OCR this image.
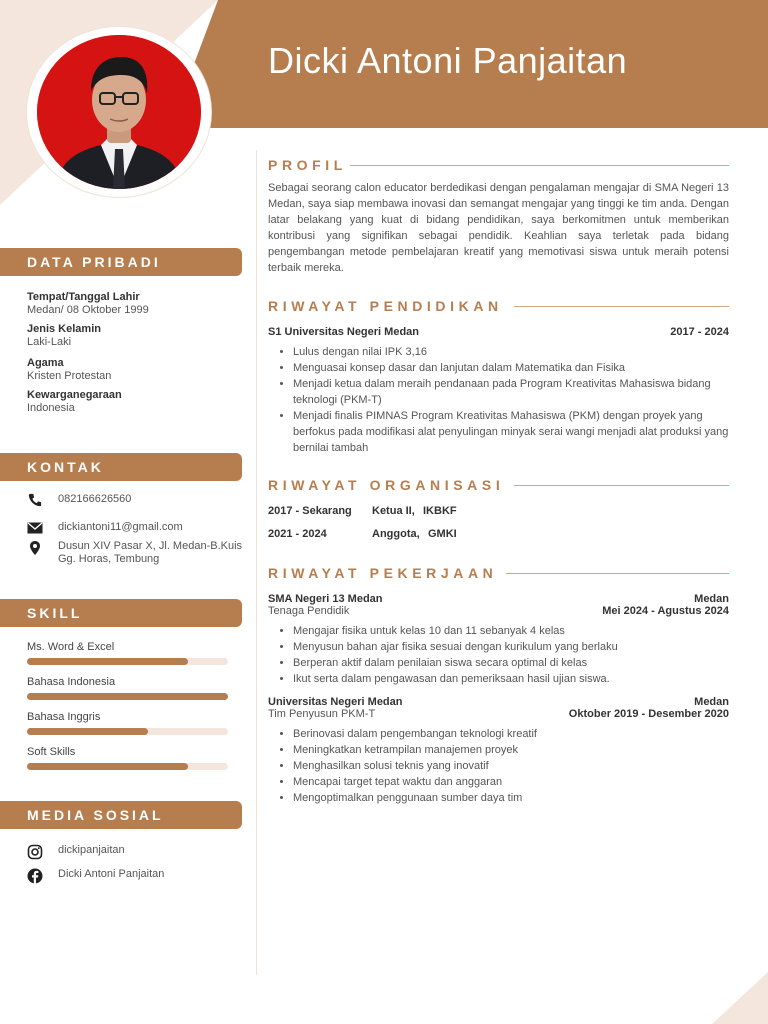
Dicki Antoni Panjaitan
DATA PRIBADI
Tempat/Tanggal Lahir
Medan/ 08 Oktober 1999
Jenis Kelamin
Laki-Laki
Agama
Kristen Protestan
Kewarganegaraan
Indonesia
KONTAK
082166626560
dickiantoni11@gmail.com
Dusun XIV Pasar X, Jl. Medan-B.Kuis Gg. Horas, Tembung
SKILL
Ms. Word & Excel
Bahasa Indonesia
Bahasa Inggris
Soft Skills
MEDIA SOSIAL
dickipanjaitan
Dicki Antoni Panjaitan
PROFIL
Sebagai seorang calon educator berdedikasi dengan pengalaman mengajar di SMA Negeri 13 Medan, saya siap membawa inovasi dan semangat mengajar yang tinggi ke tim anda. Dengan latar belakang yang kuat di bidang pendidikan, saya berkomitmen untuk memberikan kontribusi yang signifikan sebagai pendidik. Keahlian saya terletak pada bidang pengembangan metode pembelajaran kreatif yang memotivasi siswa untuk meraih potensi terbaik mereka.
RIWAYAT PENDIDIKAN
S1 Universitas Negeri Medan	2017 - 2024
• Lulus dengan nilai IPK 3,16
• Menguasai konsep dasar dan lanjutan dalam Matematika dan Fisika
• Menjadi ketua dalam meraih pendanaan pada Program Kreativitas Mahasiswa bidang teknologi (PKM-T)
• Menjadi finalis PIMNAS Program Kreativitas Mahasiswa (PKM) dengan proyek yang berfokus pada modifikasi alat penyulingan minyak serai wangi menjadi alat produksi yang bernilai tambah
RIWAYAT ORGANISASI
2017 - Sekarang Ketua II, IKBKF
2021 - 2024	Anggota, GMKI
RIWAYAT PEKERJAAN
SMA Negeri 13 Medan	Medan
Tenaga Pendidik	Mei 2024 - Agustus 2024
• Mengajar fisika untuk kelas 10 dan 11 sebanyak 4 kelas
• Menyusun bahan ajar fisika sesuai dengan kurikulum yang berlaku
• Berperan aktif dalam penilaian siswa secara optimal di kelas
• Ikut serta dalam pengawasan dan pemeriksaan hasil ujian siswa.
Universitas Negeri Medan	Medan
Tim Penyusun PKM-T	Oktober 2019 - Desember 2020
• Berinovasi dalam pengembangan teknologi kreatif
• Meningkatkan ketrampilan manajemen proyek
• Menghasilkan solusi teknis yang inovatif
• Mencapai target tepat waktu dan anggaran
• Mengoptimalkan penggunaan sumber daya tim
